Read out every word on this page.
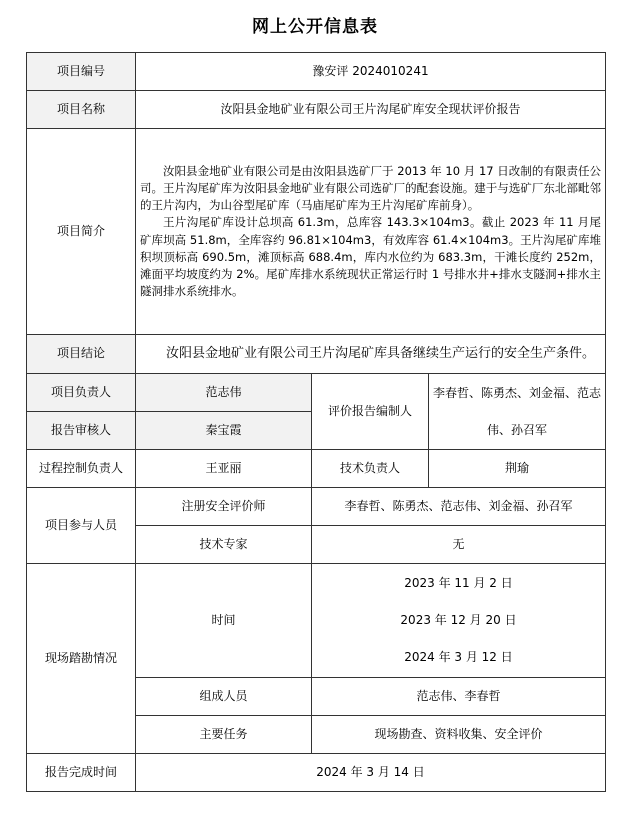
网上公开信息表
项目编号	豫安评 2024010241		
项目名称	汝阳县金地矿业有限公司王片沟尾矿库安全现状评价报告		
项目简介	汝阳县金地矿业有限公司是由汝阳县选矿厂于 2013 年 10 月 17 日改制的有限责任公司。王片沟尾矿库为汝阳县金地矿业有限公司选矿厂的配套设施。建于与选矿厂东北部毗邻的王片沟内，为山谷型尾矿库（马庙尾矿库为王片沟尾矿库前身）。

王片沟尾矿库设计总坝高 61.3m，总库容 143.3×104m3。截止 2023 年 11 月尾矿库坝高 51.8m，全库容约 96.81×104m3，有效库容 61.4×104m3。王片沟尾矿库堆积坝顶标高 690.5m，滩顶标高 688.4m，库内水位约为 683.3m，干滩长度约 252m，滩面平均坡度约为 2%。尾矿库排水系统现状正常运行时 1 号排水井+排水支隧洞+排水主隧洞排水系统排水。		

项目结论	汝阳县金地矿业有限公司王片沟尾矿库具备继续生产运行的安全生产条件。		

项目负责人	范志伟	评价报告编制人	李春哲、陈勇杰、刘金福、范志
伟、孙召军

报告审核人	秦宝霞		
过程控制负责人	王亚丽	技术负责人	荆瑜
项目参与人员	注册安全评价师	李春哲、陈勇杰、范志伟、刘金福、孙召军	
	技术专家	无	
现场踏勘情况	时间	2023 年 11 月 2 日
2023 年 12 月 20 日
2024 年 3 月 12 日	

	组成人员	范志伟、李春哲	
	主要任务	现场勘查、资料收集、安全评价	
报告完成时间	2024 年 3 月 14 日		
